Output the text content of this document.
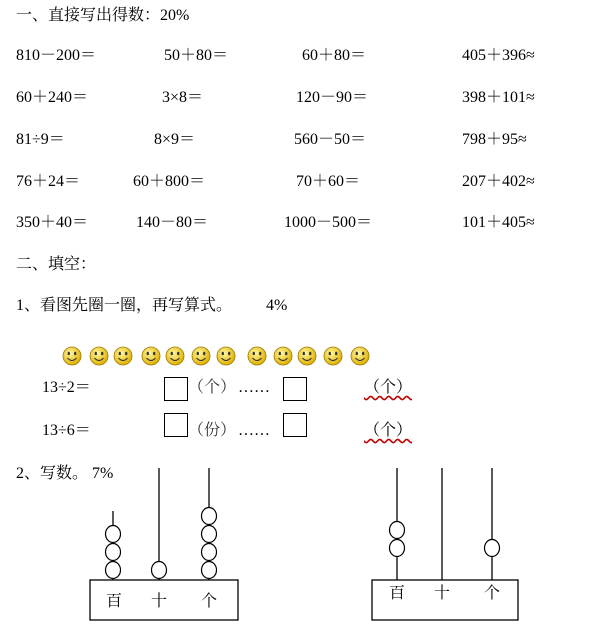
一、直接写出得数：20%
810－200＝	50＋80＝	60＋80＝	405＋396≈
60＋240＝	3×8＝	120－90＝	398＋101≈
81÷9＝	8×9＝	560－50＝	798＋95≈
76＋24＝	60＋800＝	70＋60＝	207＋402≈
350＋40＝	140－80＝	1000－500＝	101＋405≈
二、填空：
1、看图先圈一圈，再写算式。 4%
13÷2＝	（个） ……	（个）
13÷6＝	（份） ……	（个）
2、写数。 7%
百 十 个	百 十 个
